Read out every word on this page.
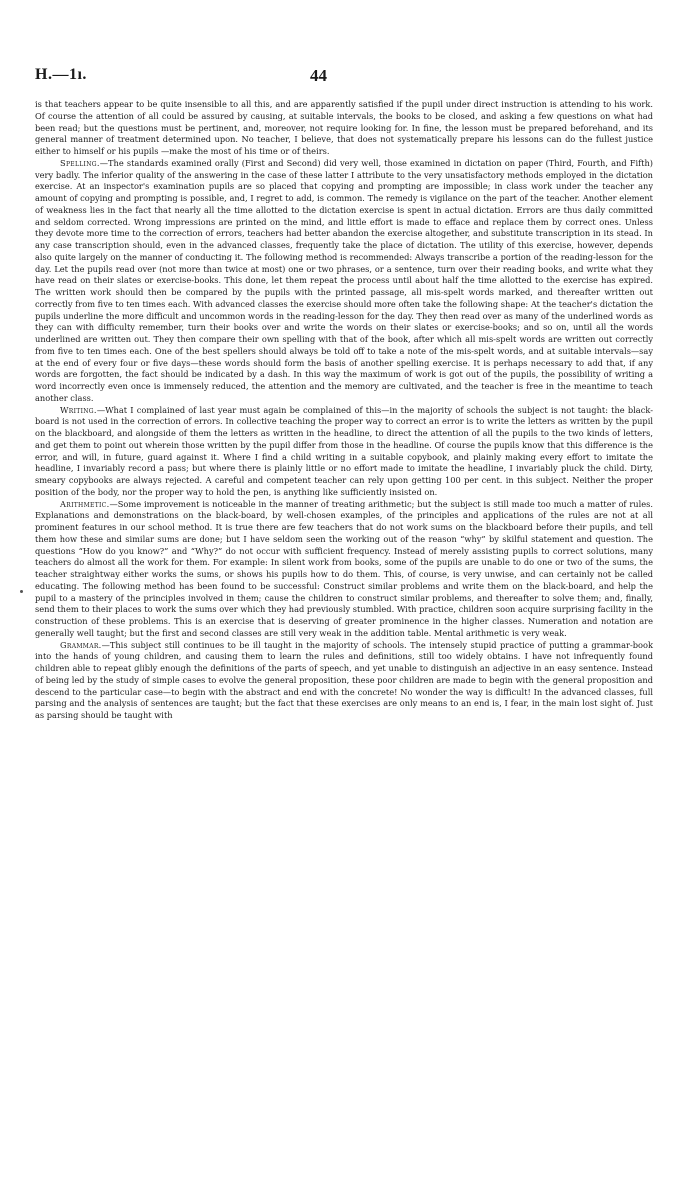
H.—1ı.	44

is that teachers appear to be quite insensible to all this, and are apparently satisfied if the pupil under direct instruction is attending to his work. Of course the attention of all could be assured by causing, at suitable intervals, the books to be closed, and asking a few questions on what had been read; but the questions must be pertinent, and, moreover, not require looking for. In fine, the lesson must be prepared beforehand, and its general manner of treatment determined upon. No teacher, I believe, that does not systematically prepare his lessons can do the fullest justice either to himself or his pupils —make the most of his time or of theirs.

Spelling.—The standards examined orally (First and Second) did very well, those examined in dictation on paper (Third, Fourth, and Fifth) very badly. The inferior quality of the answering in the case of these latter I attribute to the very unsatisfactory methods employed in the dictation exercise. At an inspector's examination pupils are so placed that copying and prompting are impossible; in class work under the teacher any amount of copying and prompting is possible, and, I regret to add, is common. The remedy is vigilance on the part of the teacher. Another element of weakness lies in the fact that nearly all the time allotted to the dictation exercise is spent in actual dictation. Errors are thus daily committed and seldom corrected. Wrong impressions are printed on the mind, and little effort is made to efface and replace them by correct ones. Unless they devote more time to the correction of errors, teachers had better abandon the exercise altogether, and substitute transcription in its stead. In any case transcription should, even in the advanced classes, frequently take the place of dictation. The utility of this exercise, however, depends also quite largely on the manner of conducting it. The following method is recommended: Always transcribe a portion of the reading-lesson for the day. Let the pupils read over (not more than twice at most) one or two phrases, or a sentence, turn over their reading books, and write what they have read on their slates or exercise-books. This done, let them repeat the process until about half the time allotted to the exercise has expired. The written work should then be compared by the pupils with the printed passage, all mis-spelt words marked, and thereafter written out correctly from five to ten times each. With advanced classes the exercise should more often take the following shape: At the teacher's dictation the pupils underline the more difficult and uncommon words in the reading-lesson for the day. They then read over as many of the underlined words as they can with difficulty remember, turn their books over and write the words on their slates or exercise-books; and so on, until all the words underlined are written out. They then compare their own spelling with that of the book, after which all mis-spelt words are written out correctly from five to ten times each. One of the best spellers should always be told off to take a note of the mis-spelt words, and at suitable intervals—say at the end of every four or five days—these words should form the basis of another spelling exercise. It is perhaps necessary to add that, if any words are forgotten, the fact should be indicated by a dash. In this way the maximum of work is got out of the pupils, the possibility of writing a word incorrectly even once is immensely reduced, the attention and the memory are cultivated, and the teacher is free in the meantime to teach another class.

Writing.—What I complained of last year must again be complained of this—in the majority of schools the subject is not taught: the black-board is not used in the correction of errors. In collective teaching the proper way to correct an error is to write the letters as written by the pupil on the blackboard, and alongside of them the letters as written in the headline, to direct the attention of all the pupils to the two kinds of letters, and get them to point out wherein those written by the pupil differ from those in the headline. Of course the pupils know that this difference is the error, and will, in future, guard against it. Where I find a child writing in a suitable copybook, and plainly making every effort to imitate the headline, I invariably record a pass; but where there is plainly little or no effort made to imitate the headline, I invariably pluck the child. Dirty, smeary copybooks are always rejected. A careful and competent teacher can rely upon getting 100 per cent. in this subject. Neither the proper position of the body, nor the proper way to hold the pen, is anything like sufficiently insisted on.

Arithmetic.—Some improvement is noticeable in the manner of treating arithmetic; but the subject is still made too much a matter of rules. Explanations and demonstrations on the black-board, by well-chosen examples, of the principles and applications of the rules are not at all prominent features in our school method. It is true there are few teachers that do not work sums on the blackboard before their pupils, and tell them how these and similar sums are done; but I have seldom seen the working out of the reason “why” by skilful statement and question. The questions “How do you know?” and “Why?” do not occur with sufficient frequency. Instead of merely assisting pupils to correct solutions, many teachers do almost all the work for them. For example: In silent work from books, some of the pupils are unable to do one or two of the sums, the teacher straightway either works the sums, or shows his pupils how to do them. This, of course, is very unwise, and can certainly not be called educating. The following method has been found to be successful: Construct similar problems and write them on the black-board, and help the pupil to a mastery of the principles involved in them; cause the children to construct similar problems, and thereafter to solve them; and, finally, send them to their places to work the sums over which they had previously stumbled. With practice, children soon acquire surprising facility in the construction of these problems. This is an exercise that is deserving of greater prominence in the higher classes. Numeration and notation are generally well taught; but the first and second classes are still very weak in the addition table. Mental arithmetic is very weak.

Grammar.—This subject still continues to be ill taught in the majority of schools. The intensely stupid practice of putting a grammar-book into the hands of young children, and causing them to learn the rules and definitions, still too widely obtains. I have not infrequently found children able to repeat glibly enough the definitions of the parts of speech, and yet unable to distinguish an adjective in an easy sentence. Instead of being led by the study of simple cases to evolve the general proposition, these poor children are made to begin with the general proposition and descend to the particular case—to begin with the abstract and end with the concrete! No wonder the way is difficult! In the advanced classes, full parsing and the analysis of sentences are taught; but the fact that these exercises are only means to an end is, I fear, in the main lost sight of. Just as parsing should be taught with
